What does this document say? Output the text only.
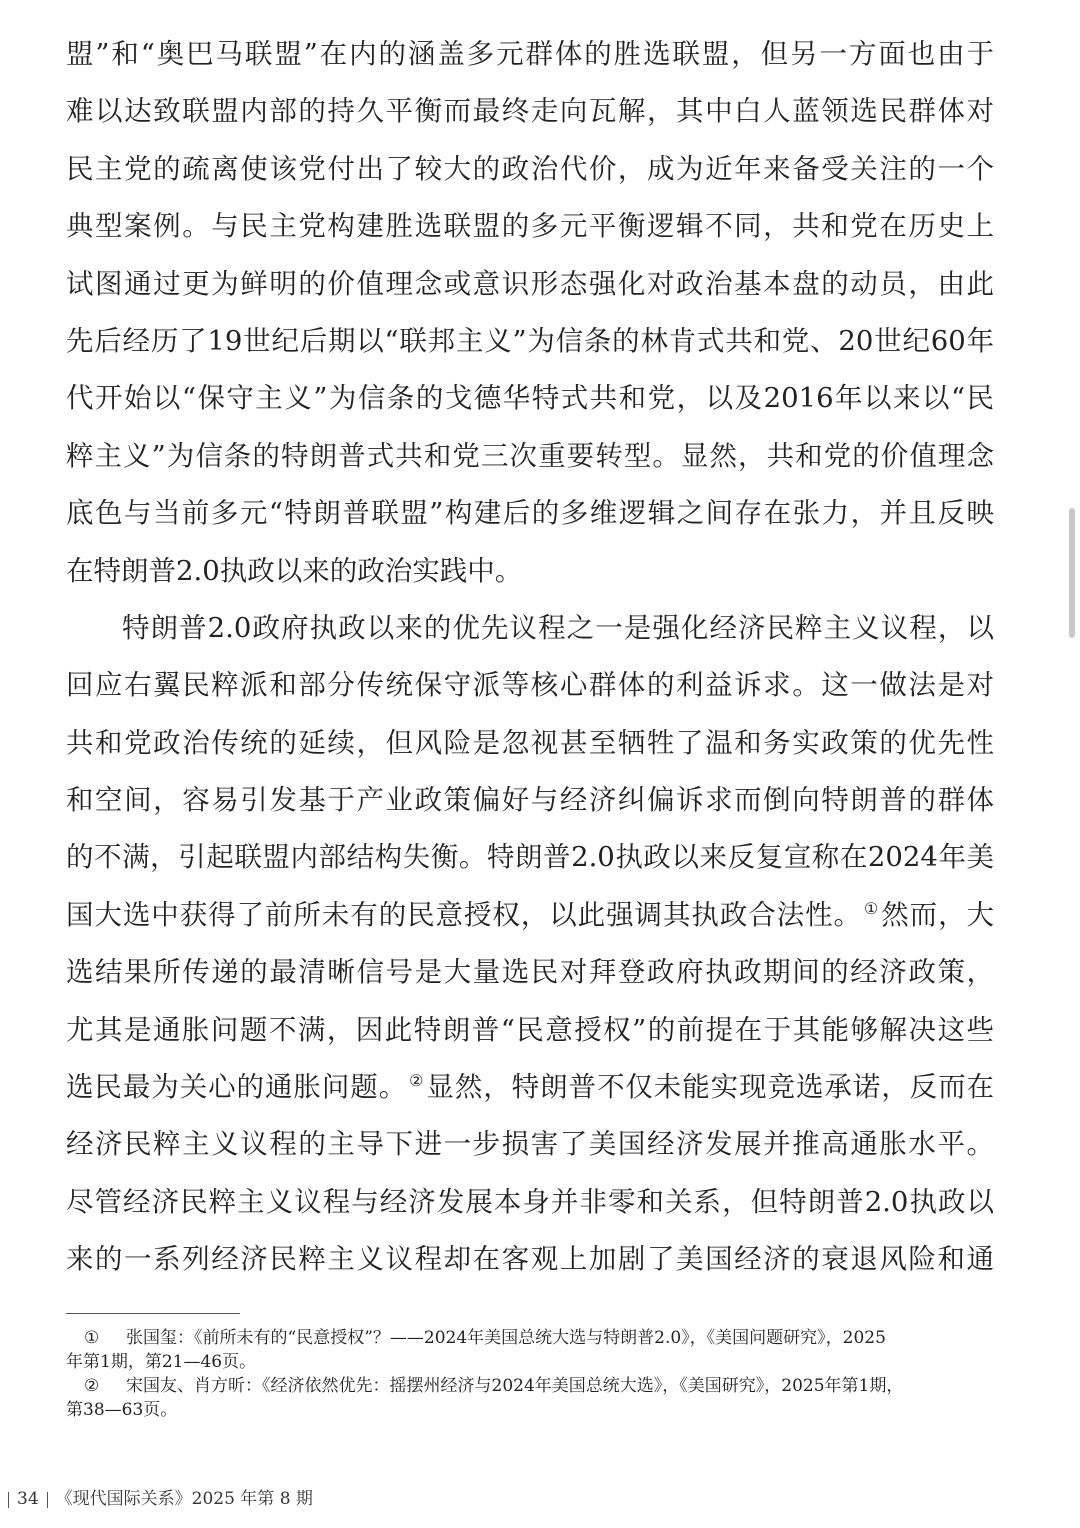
盟”和“奥巴马联盟”在内的涵盖多元群体的胜选联盟，但另一方面也由于
难以达致联盟内部的持久平衡而最终走向瓦解，其中白人蓝领选民群体对
民主党的疏离使该党付出了较大的政治代价，成为近年来备受关注的一个
典型案例。与民主党构建胜选联盟的多元平衡逻辑不同，共和党在历史上
试图通过更为鲜明的价值理念或意识形态强化对政治基本盘的动员，由此
先后经历了19世纪后期以“联邦主义”为信条的林肯式共和党、20世纪60年
代开始以“保守主义”为信条的戈德华特式共和党，以及2016年以来以“民
粹主义”为信条的特朗普式共和党三次重要转型。显然，共和党的价值理念
底色与当前多元“特朗普联盟”构建后的多维逻辑之间存在张力，并且反映
在特朗普2.0执政以来的政治实践中。
特朗普2.0政府执政以来的优先议程之一是强化经济民粹主义议程，以
回应右翼民粹派和部分传统保守派等核心群体的利益诉求。这一做法是对
共和党政治传统的延续，但风险是忽视甚至牺牲了温和务实政策的优先性
和空间，容易引发基于产业政策偏好与经济纠偏诉求而倒向特朗普的群体
的不满，引起联盟内部结构失衡。特朗普2.0执政以来反复宣称在2024年美
国大选中获得了前所未有的民意授权，以此强调其执政合法性。 ①然而，大
选结果所传递的最清晰信号是大量选民对拜登政府执政期间的经济政策，
尤其是通胀问题不满，因此特朗普“民意授权”的前提在于其能够解决这些
选民最为关心的通胀问题。 ②显然，特朗普不仅未能实现竞选承诺，反而在
经济民粹主义议程的主导下进一步损害了美国经济发展并推高通胀水平。
尽管经济民粹主义议程与经济发展本身并非零和关系，但特朗普2.0执政以
来的一系列经济民粹主义议程却在客观上加剧了美国经济的衰退风险和通
① 张国玺：《前所未有的“民意授权”？——2024年美国总统大选与特朗普2.0》，《美国问题研究》，2025
年第1期，第21—46页。
② 宋国友、肖方昕：《经济依然优先：摇摆州经济与2024年美国总统大选》，《美国研究》，2025年第1期，
第38—63页。
34 《现代国际关系》2025 年第 8 期
